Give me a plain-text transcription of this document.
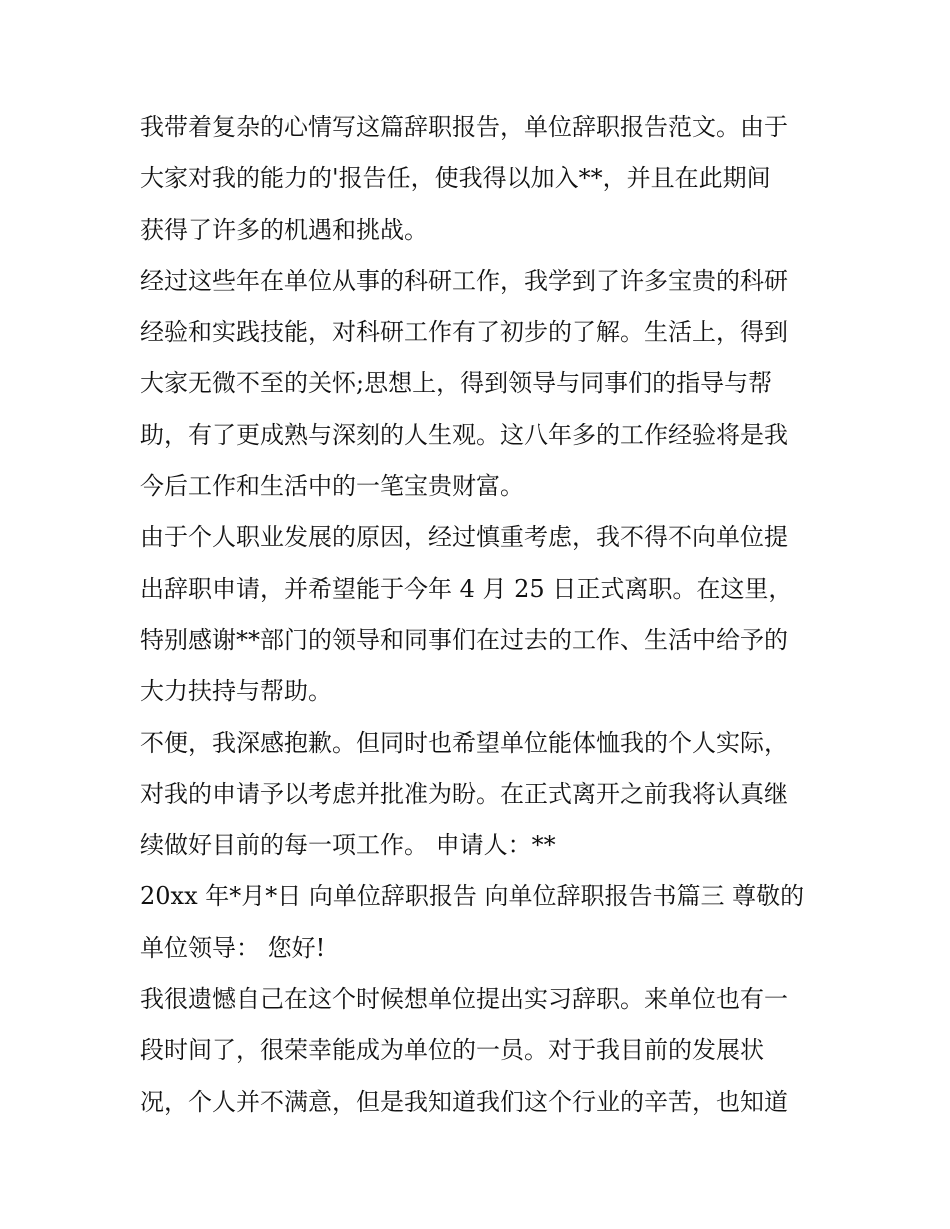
我带着复杂的心情写这篇辞职报告，单位辞职报告范文。由于
大家对我的能力的'报告任，使我得以加入**，并且在此期间
获得了许多的机遇和挑战。
经过这些年在单位从事的科研工作，我学到了许多宝贵的科研
经验和实践技能，对科研工作有了初步的了解。生活上，得到
大家无微不至的关怀;思想上，得到领导与同事们的指导与帮
助，有了更成熟与深刻的人生观。这八年多的工作经验将是我
今后工作和生活中的一笔宝贵财富。
由于个人职业发展的原因，经过慎重考虑，我不得不向单位提
出辞职申请，并希望能于今年 4 月 25 日正式离职。在这里，
特别感谢**部门的领导和同事们在过去的工作、生活中给予的
大力扶持与帮助。
不便，我深感抱歉。但同时也希望单位能体恤我的个人实际，
对我的申请予以考虑并批准为盼。在正式离开之前我将认真继
续做好目前的每一项工作。 申请人：**
20xx 年*月*日 向单位辞职报告 向单位辞职报告书篇三 尊敬的
单位领导： 您好!
我很遗憾自己在这个时候想单位提出实习辞职。来单位也有一
段时间了，很荣幸能成为单位的一员。对于我目前的发展状
况，个人并不满意，但是我知道我们这个行业的辛苦，也知道
